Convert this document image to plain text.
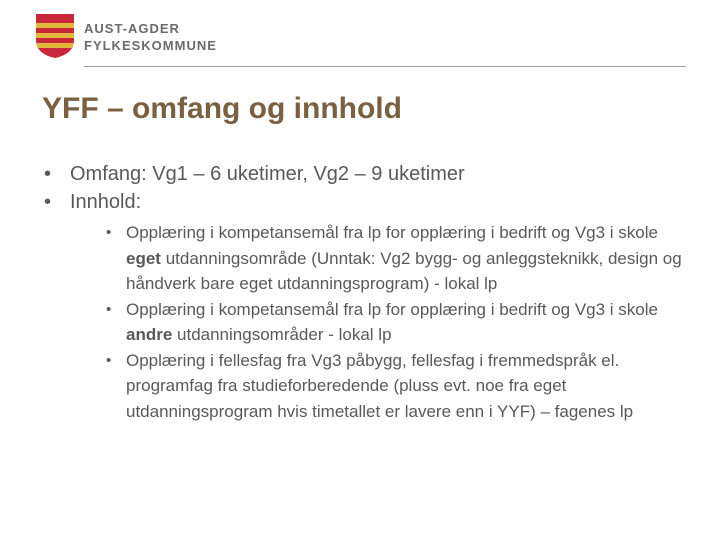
AUST-AGDER
FYLKESKOMMUNE
YFF – omfang og innhold
• Omfang: Vg1 – 6 uketimer, Vg2 – 9 uketimer
• Innhold:
• Opplæring i kompetansemål fra lp for opplæring i bedrift og Vg3 i skole eget utdanningsområde (Unntak: Vg2 bygg- og anleggsteknikk, design og håndverk bare eget utdanningsprogram) - lokal lp
• Opplæring i kompetansemål fra lp for opplæring i bedrift og Vg3 i skole andre utdanningsområder - lokal lp
• Opplæring i fellesfag fra Vg3 påbygg, fellesfag i fremmedspråk el. programfag fra studieforberedende (pluss evt. noe fra eget utdanningsprogram hvis timetallet er lavere enn i YYF) – fagenes lp
